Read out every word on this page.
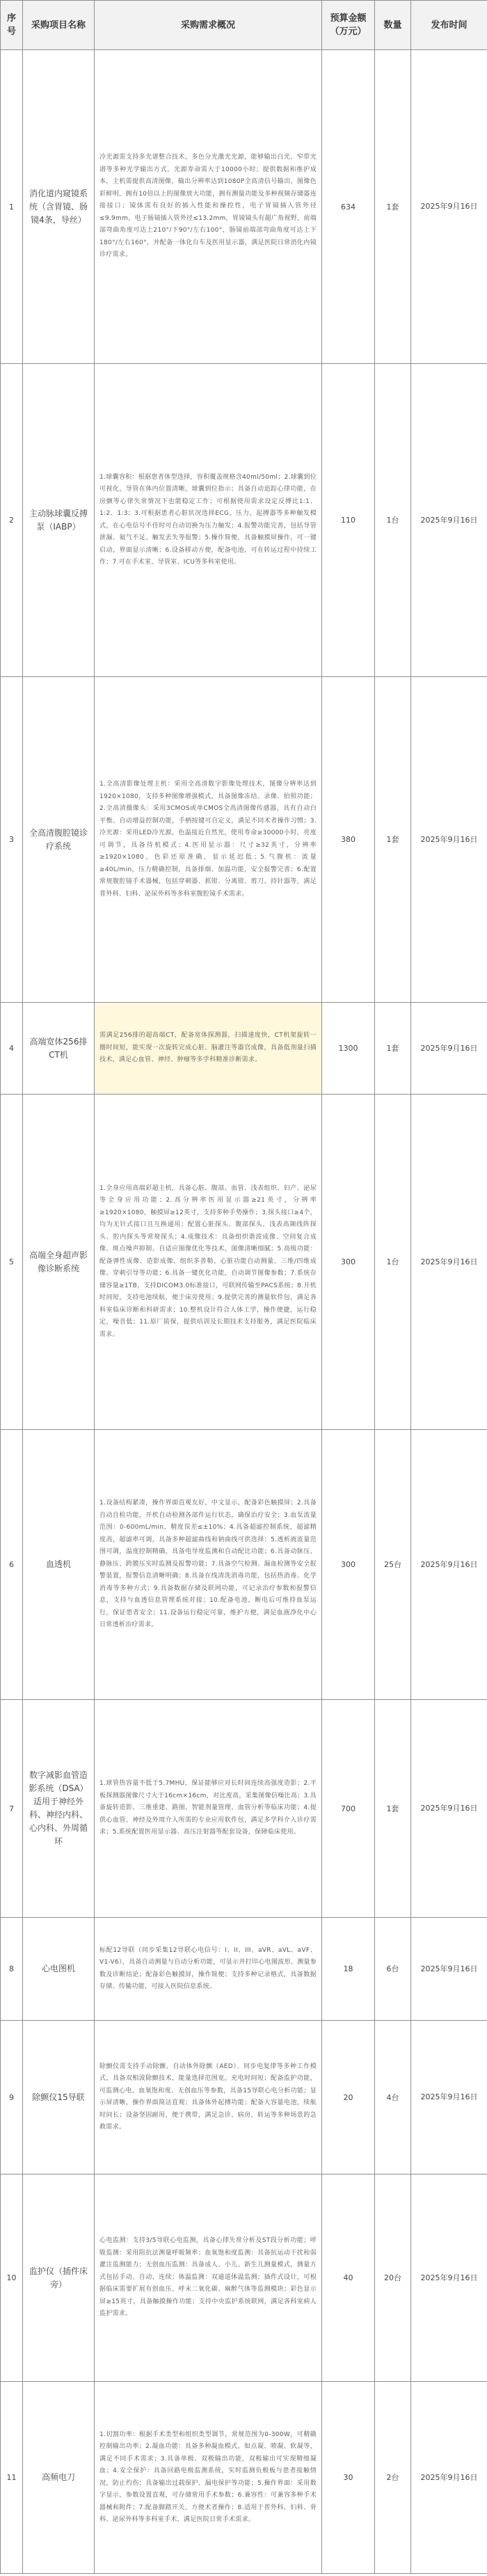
序号	采购项目名称	采购需求概况	预算金额（万元）	数量	发布时间
1	消化道内窥镜系统（含胃镜、肠镜4条，导丝）	冷光源需支持多光谱整合技术，多色分光激光光源，能够输出白光、窄带光谱等多种光学输出方式，光源寿命需大于10000小时；提供数据和维护成本，主机需提供高清图像，输出分辨率达到1080P全高清信号输出，图像色彩鲜明，拥有10倍以上的图像放大功能，拥有测量功能及多种视频存储器连接接口；镜体需有良好的插入性能和操控性，电子胃镜插入管外径≤9.9mm，电子肠镜插入管外径≤13.2mm，胃镜镜头有超广角视野，前端部弯曲角度可达上210°/下90°/左右100°，肠镜前端部弯曲角度可达上下180°/左右160°，并配备一体化台车及医用显示器，满足医院日常消化内镜诊疗需求。	634	1套	2025年9月16日
2	主动脉球囊反搏泵（IABP）	1.球囊容积：根据患者体型选择，容积覆盖规格含40ml/50ml；2.球囊到位可视化，导管在体内位置清晰，球囊到位指示；具备自动追踪心律功能，在房颤等心律失常情况下也能稳定工作；可根据使用需求设定反搏比1:1、1:2、1:3；3.可根据患者心脏状况选择ECG、压力、起搏器等多种触发模式，在心电信号不佳时可自动切换为压力触发；4.报警功能完善，包括导管泄漏、氦气不足、触发丢失等报警；5.操作简便，具备触摸屏操作，可一键启动，界面显示清晰；6.设备移动方便，配备电池，可在转运过程中持续工作；7.可在手术室、导管室、ICU等多科室使用。	110	1台	2025年9月16日
3	全高清腹腔镜诊疗系统	1.全高清影像处理主机：采用全高清数字影像处理技术，图像分辨率达到1920×1080，支持多种图像增强模式，具备图像冻结、录像、拍照功能；2.全高清摄像头：采用3CMOS或单CMOS全高清图像传感器，具有自动白平衡、自动增益控制功能，手柄按键可自定义，满足不同术者操作习惯；3.冷光源：采用LED冷光源，色温接近自然光，使用寿命≥30000小时，亮度可调节，具备待机模式；4.医用显示器：尺寸≥32英寸，分辨率≥1920×1080，色彩还原准确，显示延迟低；5.气腹机：流量≥40L/min，压力精确控制，具备排烟、加温功能，安全报警完善；6.配置常规腹腔镜手术器械，包括穿刺器、抓钳、分离钳、剪刀、持针器等，满足普外科、妇科、泌尿外科等多科室腹腔镜手术需求。	380	1套	2025年9月16日
4	高端宽体256排CT机	需满足256排的超高端CT，配备宽体探测器，扫描速度快，CT机架旋转一圈时间短，能实现一次旋转完成心脏、脑灌注等器官成像，具备低剂量扫描技术，满足心血管、神经、肿瘤等多学科精准诊断需求。	1300	1套	2025年9月16日
5	高端全身超声影像诊断系统	1.全身应用高端彩超主机，具备心脏、腹部、血管、浅表组织、妇产、泌尿等全身应用功能；2.高分辨率医用显示器≥21英寸，分辨率≥1920×1080，触摸屏≥12英寸，支持多种手势操作；3.探头接口≥4个，均为无针式接口且互换通用；配置心脏探头、腹部探头、浅表高频线阵探头、腔内探头等常规探头；4.成像技术：具备组织谐波成像、空间复合成像、斑点噪声抑制、自适应图像优化等技术，图像清晰细腻；5.高级功能：配备弹性成像、造影成像、组织多普勒、心脏功能自动测量、三维/四维成像、穿刺引导等功能；6.具备一键优化功能，自动调节图像参数；7.系统存储容量≥1TB，支持DICOM3.0标准接口，可联网传输至PACS系统；8.开机时间短，支持电池续航，便于床旁使用；9.提供完善的测量软件包，满足各科室临床诊断和科研需求；10.整机设计符合人体工学，操作便捷，运行稳定，噪音低；11.原厂质保，提供培训及长期技术支持服务，满足医院临床需求。	300	1台	2025年9月16日
6	血透机	1.设备结构紧凑，操作界面直观友好，中文显示，配备彩色触摸屏；2.具备自动自检功能，开机自动检测各部件运行状态，确保治疗安全；3.血泵流量范围：0-600mL/min，精度误差≤±10%；4.具备超滤控制系统，超滤精度高，超滤率可调，具备多种超滤曲线和钠曲线可供选择；5.透析液流量范围可调，温度控制精确，具备电导度监测和自动配比功能；6.具备动脉压、静脉压、跨膜压实时监测及报警功能；7.具备空气检测、漏血检测等安全报警装置，报警信息清晰明确；8.具备在线清洗消毒功能，包括热消毒、化学消毒等多种方式；9.具备数据存储及联网功能，可记录治疗参数和报警信息，支持与血透信息管理系统对接；10.配备电池，断电后可维持血泵运行，保证患者安全；11.设备运行稳定可靠，维护方便，满足血液净化中心日常透析治疗需求。	300	25台	2025年9月16日
7	数字减影血管造影系统（DSA）适用于神经外科、神经内科、心内科、外周循环	1.球管热容量不低于5.7MHU，保证能够应对长时间连续高强度造影；2.平板探测器图像尺寸大于16cm×16cm，对比度高，采集图像信噪比高；3.具备旋转造影、三维重建、路图、智能剂量管理、血管分析等临床功能；4.提供心血管、神经及外周介入所需的专业应用软件包，满足多学科介入诊疗需求；5.系统配置医用显示器、高压注射器等配套设备，保障临床使用。	700	1套	2025年9月16日
8	心电图机	标配12导联（同步采集12导联心电信号：I、II、III、aVR、aVL、aVF、V1-V6），具备自动测量与自动分析功能，可显示并打印心电图波形、测量参数及诊断结论；配备彩色触摸屏，操作简便；支持多种记录格式，具备数据存储、传输功能，可接入医院信息系统。	18	6台	2025年9月16日
9	除颤仪15导联	除颤仪需支持手动除颤、自动体外除颤（AED）、同步电复律等多种工作模式，具备双相波除颤技术，能量选择范围宽，充电时间短；配备监护功能，可监测心电、血氧饱和度、无创血压等参数，具备15导联心电分析功能；显示屏清晰，操作界面简洁直观；具备体外起搏功能；配备大容量电池，续航时间长；设备坚固耐用，便于携带，满足急诊、病房、转运等多种场景的急救需求。	20	4台	2025年9月16日
10	监护仪（插件床旁）	心电监测：支持3/5导联心电监测，具备心律失常分析及ST段分析功能；呼吸监测：采用阻抗法测量呼吸频率；血氧饱和度监测：具备抗运动干扰和弱灌注监测能力；无创血压监测：具备成人、小儿、新生儿测量模式，测量方式包括手动、自动、连续；体温监测：双通道体温监测；插件式设计，可根据临床需要扩展有创血压、呼末二氧化碳、麻醉气体等监测模块；彩色显示屏≥15英寸，具备触摸操作功能；支持中央监护系统联网，满足各科室病人监护需求。	40	20台	2025年9月16日
11	高频电刀	1.切割功率：根据手术类型和组织类型调节，常规范围为0-300W，可精确控制输出功率；2.凝血功能：具备多种凝血模式，如点凝、喷凝、软凝等，满足不同手术需求；3.具备单极、双极输出功能，双极输出可实现精细凝血；4.安全保护：具备回路电极监测系统，实时监测负极板与患者接触情况，防止灼伤；具备输出过载保护、漏电保护等功能；5.操作界面：采用数字显示，参数设置直观，可存储常用手术参数；6.兼容性：可兼容多种手术器械和附件；7.配备脚踏开关，方便术者操作；8.适用于普外科、妇科、骨科、泌尿外科等多科室手术，满足医院日常手术需求。	30	2台	2025年9月16日
